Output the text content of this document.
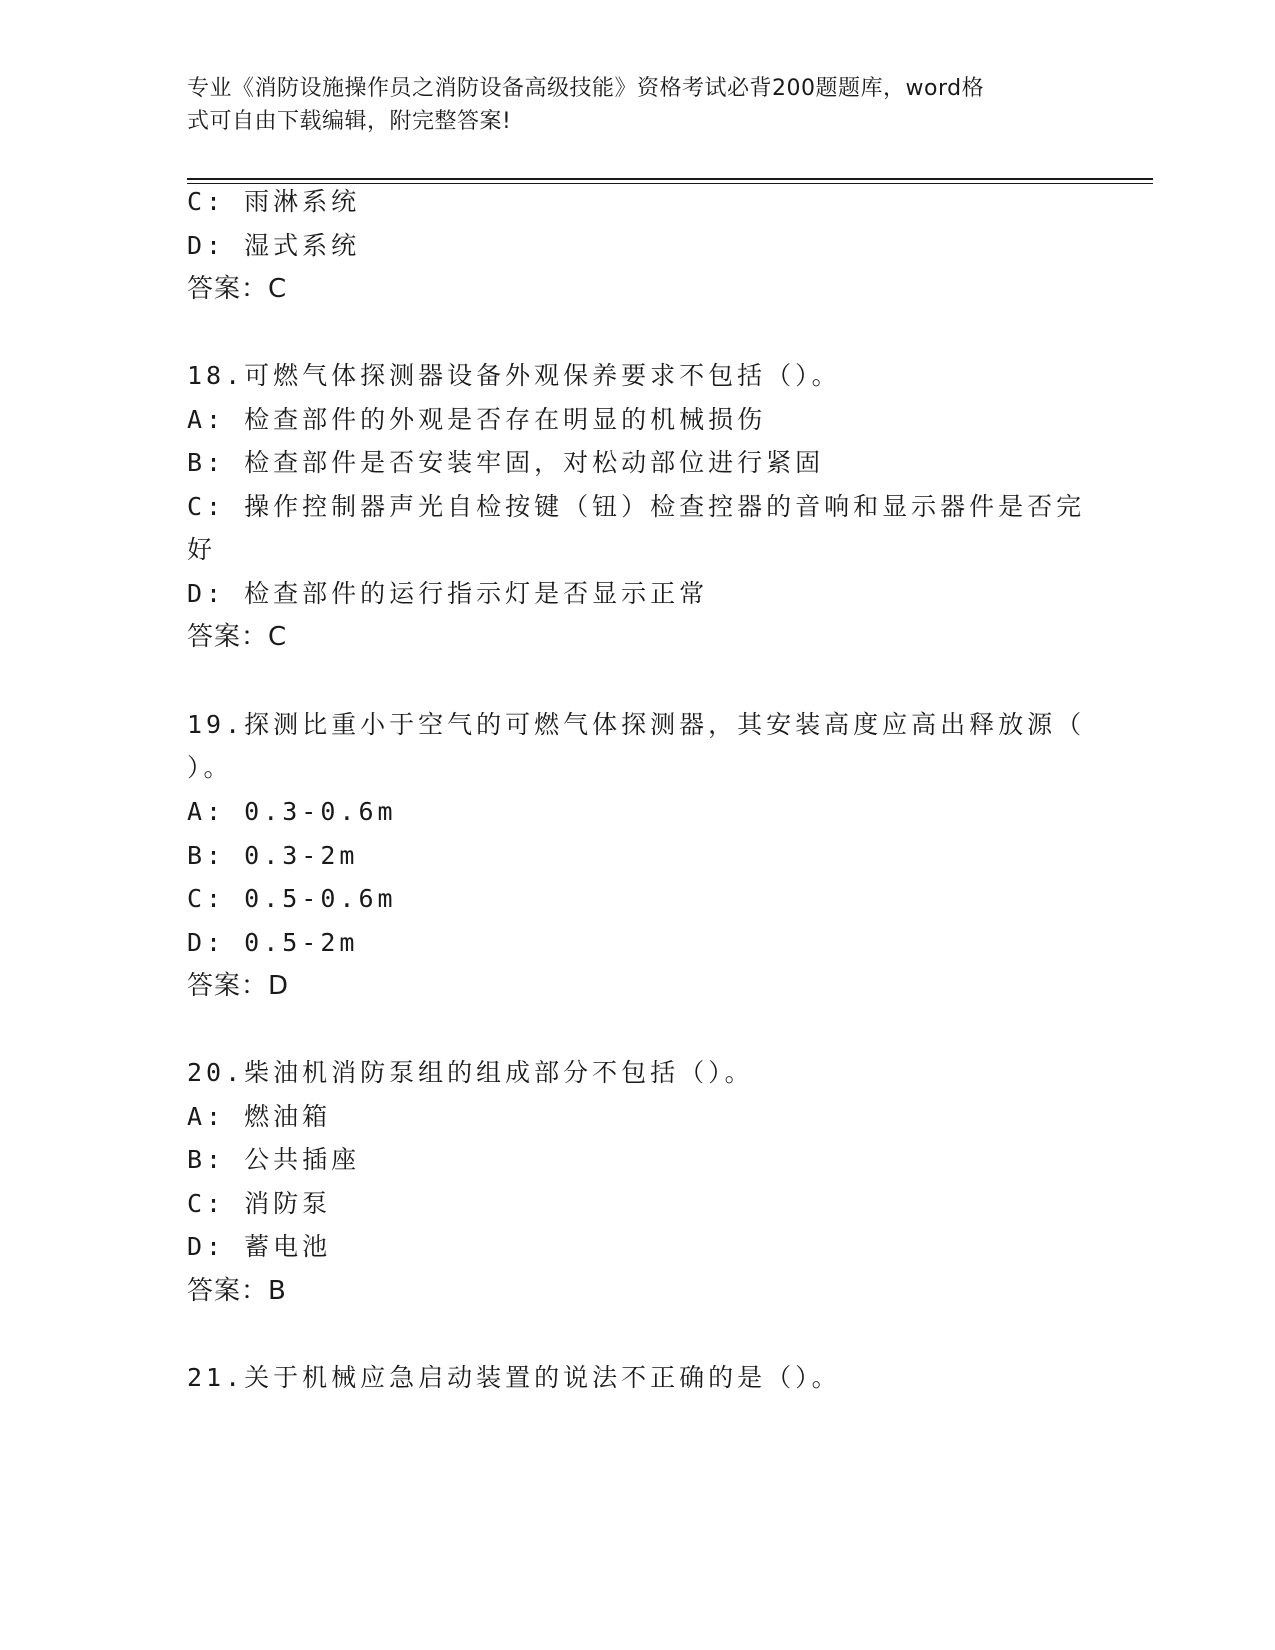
专业《消防设施操作员之消防设备高级技能》资格考试必背200题题库，word格
式可自由下载编辑，附完整答案!
C: 雨淋系统
D: 湿式系统
答案：C
18.可燃气体探测器设备外观保养要求不包括（）。
A: 检查部件的外观是否存在明显的机械损伤
B: 检查部件是否安装牢固，对松动部位进行紧固
C: 操作控制器声光自检按键（钮）检查控器的音响和显示器件是否完
好
D: 检查部件的运行指示灯是否显示正常
答案：C
19.探测比重小于空气的可燃气体探测器，其安装高度应高出释放源（
）。
A: 0.3-0.6m
B: 0.3-2m
C: 0.5-0.6m
D: 0.5-2m
答案：D
20.柴油机消防泵组的组成部分不包括（）。
A: 燃油箱
B: 公共插座
C: 消防泵
D: 蓄电池
答案：B
21.关于机械应急启动装置的说法不正确的是（）。
